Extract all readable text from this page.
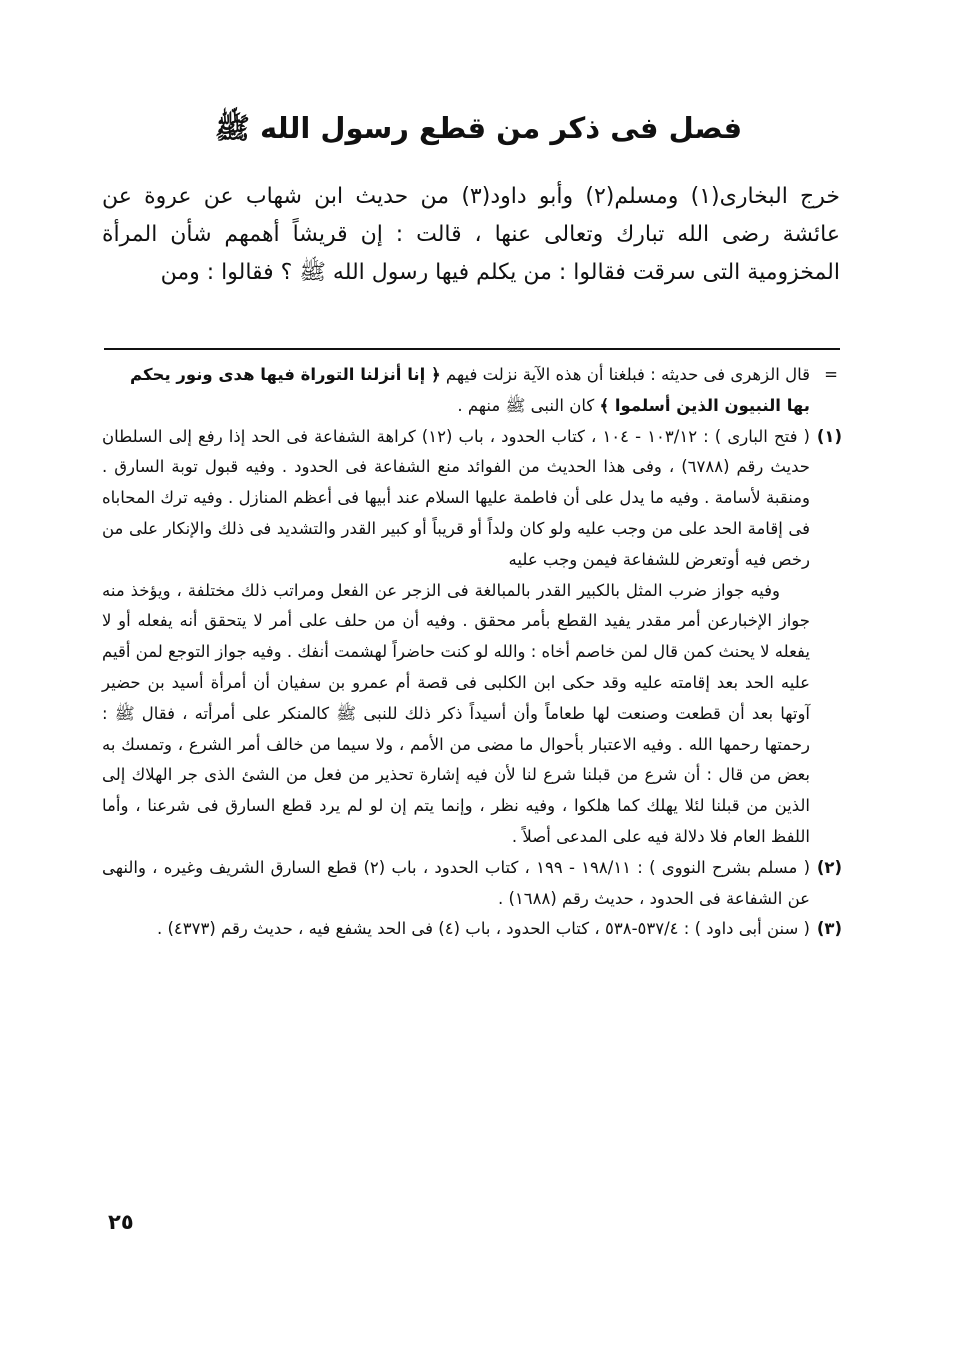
فصل فى ذكر من قطع رسول الله ﷺ

خرج البخارى(١) ومسلم(٢) وأبو داود(٣) من حديث ابن شهاب عن عروة عن عائشة رضى الله تبارك وتعالى عنها ، قالت : إن قريشاً أهمهم شأن المرأة المخزومية التى سرقت فقالوا : من يكلم فيها رسول الله ﷺ ؟ فقالوا : ومن

=
قال الزهرى فى حديثه : فبلغنا أن هذه الآية نزلت فيهم ﴿ إنا أنزلنا التوراة فيها هدى ونور يحكم بها النبيون الذين أسلموا ﴾ كان النبى ﷺ منهم .
(١)
( فتح البارى ) : ١٠٣/١٢ - ١٠٤ ، كتاب الحدود ، باب (١٢) كراهة الشفاعة فى الحد إذا رفع إلى السلطان حديث رقم (٦٧٨٨) ، وفى هذا الحديث من الفوائد منع الشفاعة فى الحدود . وفيه قبول توبة السارق . ومنقبة لأسامة . وفيه ما يدل على أن فاطمة عليها السلام عند أبيها فى أعظم المنازل . وفيه ترك المحاباه فى إقامة الحد على من وجب عليه ولو كان ولداً أو قريباً أو كبير القدر والتشديد فى ذلك والإنكار على من رخص فيه أوتعرض للشفاعة فيمن وجب عليه
وفيه جواز ضرب المثل بالكبير القدر بالمبالغة فى الزجر عن الفعل ومراتب ذلك مختلفة ، ويؤخذ منه جواز الإخبارعن أمر مقدر يفيد القطع بأمر محقق . وفيه أن من حلف على أمر لا يتحقق أنه يفعله أو لا يفعله لا يحنث كمن قال لمن خاصم أخاه : والله لو كنت حاضراً لهشمت أنفك . وفيه جواز التوجع لمن أقيم عليه الحد بعد إقامته عليه وقد حكى ابن الكلبى فى قصة أم عمرو بن سفيان أن أمرأة أسيد بن حضير آوتها بعد أن قطعت وصنعت لها طعاماً وأن أسيداً ذكر ذلك للنبى ﷺ كالمنكر على أمرأته ، فقال ﷺ : رحمتها رحمها الله . وفيه الاعتبار بأحوال ما مضى من الأمم ، ولا سيما من خالف أمر الشرع ، وتمسك به بعض من قال : أن شرع من قبلنا شرع لنا لأن فيه إشارة تحذير من فعل من الشئ الذى جر الهلاك إلى الذين من قبلنا لئلا يهلك كما هلكوا ، وفيه نظر ، وإنما يتم إن لو لم يرد قطع السارق فى شرعنا ، وأما اللفظ العام فلا دلالة فيه على المدعى أصلاً .
(٢)
( مسلم بشرح النووى ) : ١٩٨/١١ - ١٩٩ ، كتاب الحدود ، باب (٢) قطع السارق الشريف وغيره ، والنهى عن الشفاعة فى الحدود ، حديث رقم (١٦٨٨) .
(٣)
( سنن أبى داود ) : ٥٣٧/٤-٥٣٨ ، كتاب الحدود ، باب (٤) فى الحد يشفع فيه ، حديث رقم (٤٣٧٣) .
٢٥
